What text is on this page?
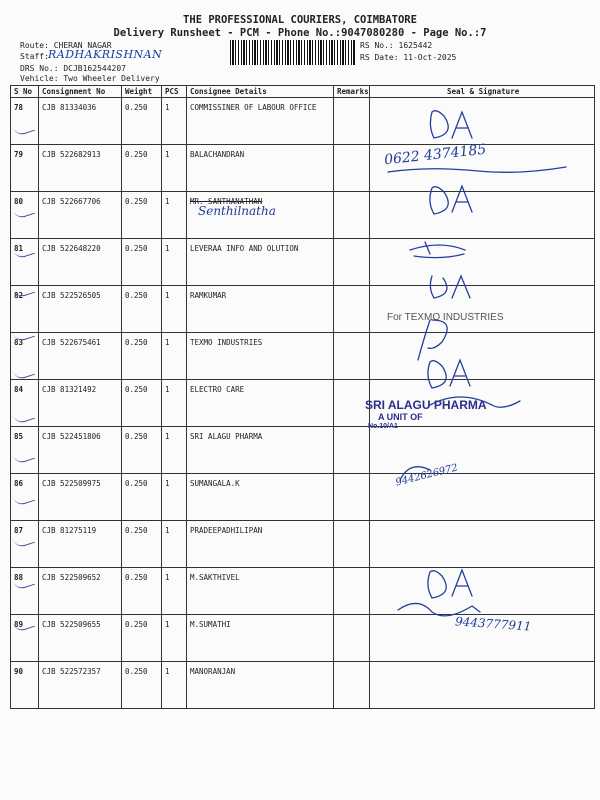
THE PROFESSIONAL COURIERS, COIMBATORE
Delivery Runsheet - PCM - Phone No.:9047080280 - Page No.:7
Route: CHERAN NAGAR
Staff: RADHAKRISHNAN
DRS No.: DCJB162544207
Vehicle: Two Wheeler Delivery
RS No.: 1625442
RS Date: 11-Oct-2025
S No	Consignment No	Weight	PCS	Consignee Details	Remarks	Seal & Signature
78	CJB 81334036	0.250	1	COMMISSINER OF LABOUR OFFICE		
79	CJB 522682913	0.250	1	BALACHANDRAN		
80	CJB 522667706	0.250	1	MR. SANTHANATHAN		
81	CJB 522648220	0.250	1	LEVERAA INFO AND OLUTION		
82	CJB 522526505	0.250	1	RAMKUMAR		
83	CJB 522675461	0.250	1	TEXMO INDUSTRIES		
84	CJB 81321492	0.250	1	ELECTRO CARE		
85	CJB 522451806	0.250	1	SRI ALAGU PHARMA		
86	CJB 522509975	0.250	1	SUMANGALA.K		
87	CJB 81275119	0.250	1	PRADEEPADHILIPAN		
88	CJB 522509652	0.250	1	M.SAKTHIVEL		
89	CJB 522509655	0.250	1	M.SUMATHI		
90	CJB 522572357	0.250	1	MANORANJAN		
Senthilnatha
0622 4374185
9442626972
9443777911
For TEXMO INDUSTRIES
SRI ALAGU PHARMA
A UNIT OF
No.10/A1
